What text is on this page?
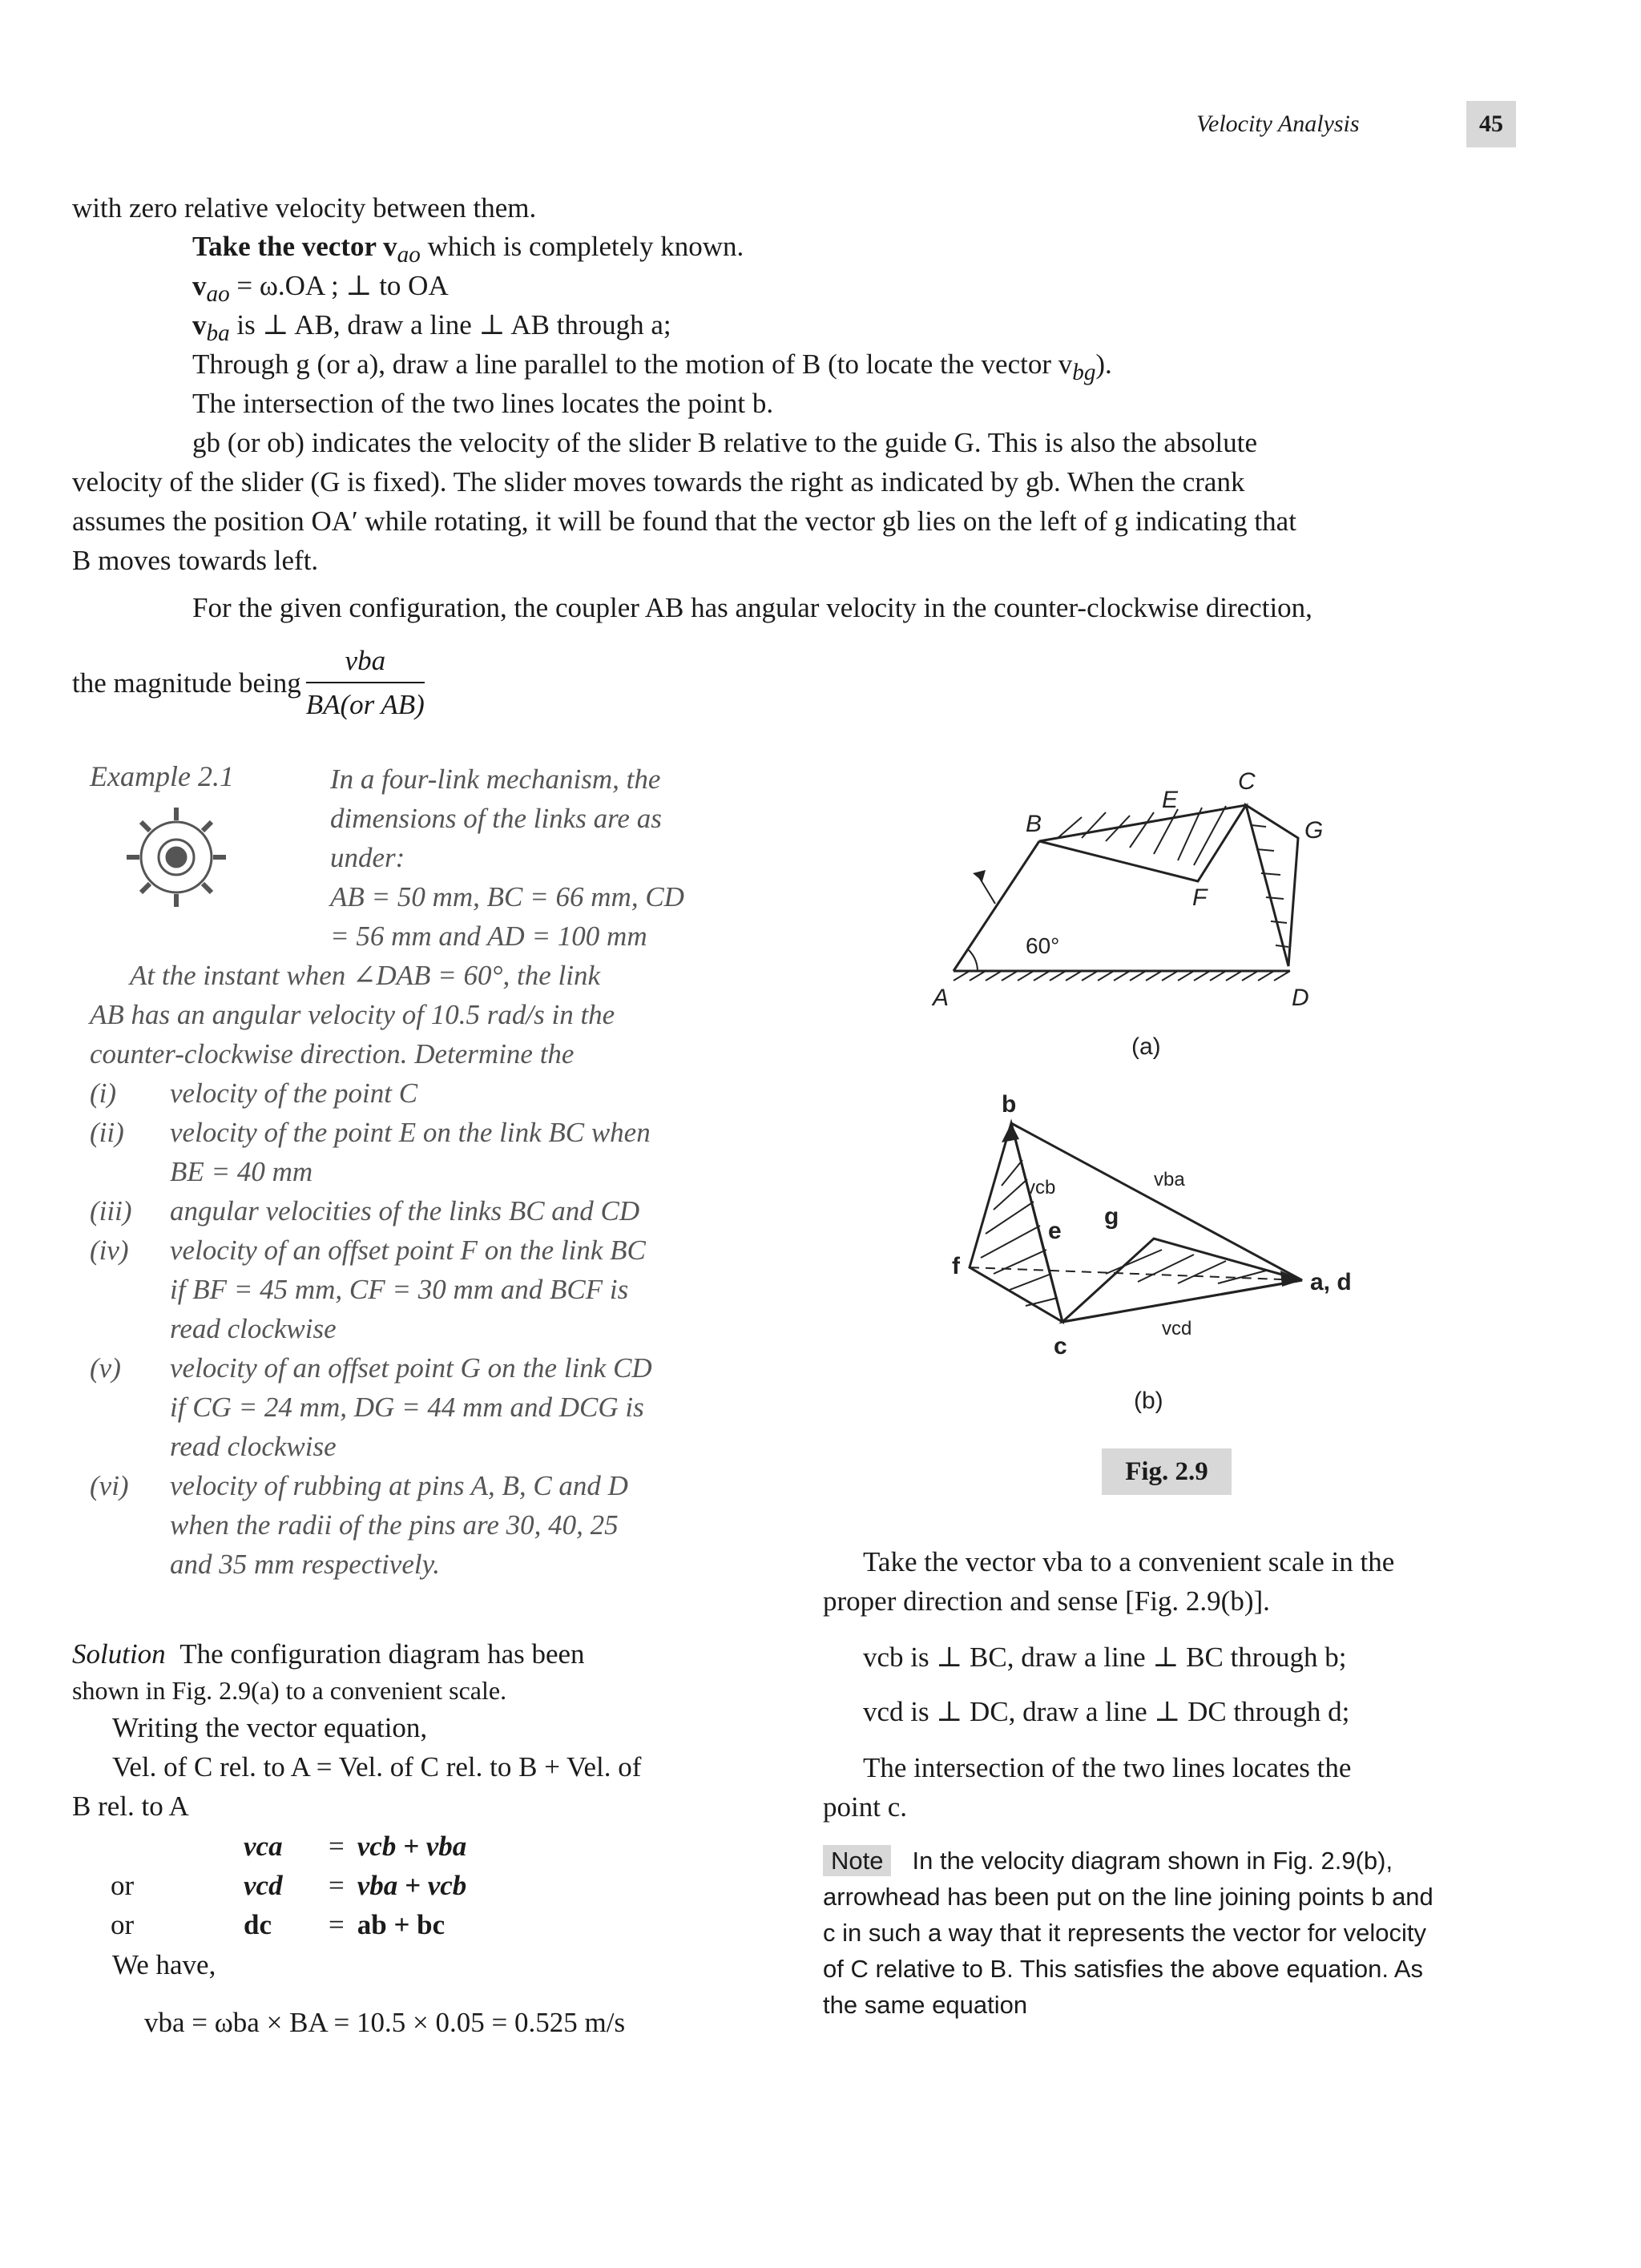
Velocity Analysis	45
with zero relative velocity between them.
Take the vector $v_{ao}$ which is completely known.
$v_{ao} = \omega.OA$ ; ⊥ to OA
$v_{ba}$ is ⊥ AB, draw a line ⊥ AB through a;
Through g (or a), draw a line parallel to the motion of B (to locate the vector $v_{bg}$).
The intersection of the two lines locates the point b.
gb (or ob) indicates the velocity of the slider B relative to the guide G. This is also the absolute
velocity of the slider (G is fixed). The slider moves towards the right as indicated by gb. When the crank
assumes the position OA′ while rotating, it will be found that the vector gb lies on the left of g indicating that
B moves towards left.
For the given configuration, the coupler AB has angular velocity in the counter-clockwise direction,
the magnitude being $\frac{\text{vba}}{\text{BA(or AB)}}$
Example 2.1	In a four-link mechanism, the
dimensions of the links are as
under:
AB = 50 mm, BC = 66 mm, CD
= 56 mm and AD = 100 mm
At the instant when ∠DAB = 60°, the link
AB has an angular velocity of 10.5 rad/s in the
counter-clockwise direction. Determine the
(i) velocity of the point C
(ii) velocity of the point E on the link BC when
BE = 40 mm
(iii) angular velocities of the links BC and CD
(iv) velocity of an offset point F on the link BC
if BF = 45 mm, CF = 30 mm and BCF is
read clockwise
(v) velocity of an offset point G on the link CD
if CG = 24 mm, DG = 44 mm and DCG is
read clockwise
(vi) velocity of rubbing at pins A, B, C and D
when the radii of the pins are 30, 40, 25
and 35 mm respectively.
Solution The configuration diagram has been
shown in Fig. 2.9(a) to a convenient scale.
Writing the vector equation,
Vel. of C rel. to A = Vel. of C rel. to B + Vel. of
B rel. to A
	vca	=	vcb + vba
or	vcd	=	vba + vcb
or	dc	=	ab + bc
We have,
vba = ωba × BA = 10.5 × 0.05 = 0.525 m/s
A
B
C
D
E
F
G
60°
(a)
b
c
e
f
g
a, d
vcb	vba
vcd
(b)
Fig. 2.9
Take the vector vba to a convenient scale in the
proper direction and sense [Fig. 2.9(b)].
vcb is ⊥ BC, draw a line ⊥ BC through b;
vcd is ⊥ DC, draw a line ⊥ DC through d;
The intersection of the two lines locates the
point c.
Note In the velocity diagram shown in Fig. 2.9(b),
arrowhead has been put on the line joining points b and
c in such a way that it represents the vector for velocity
of C relative to B. This satisfies the above equation. As
the same equation
